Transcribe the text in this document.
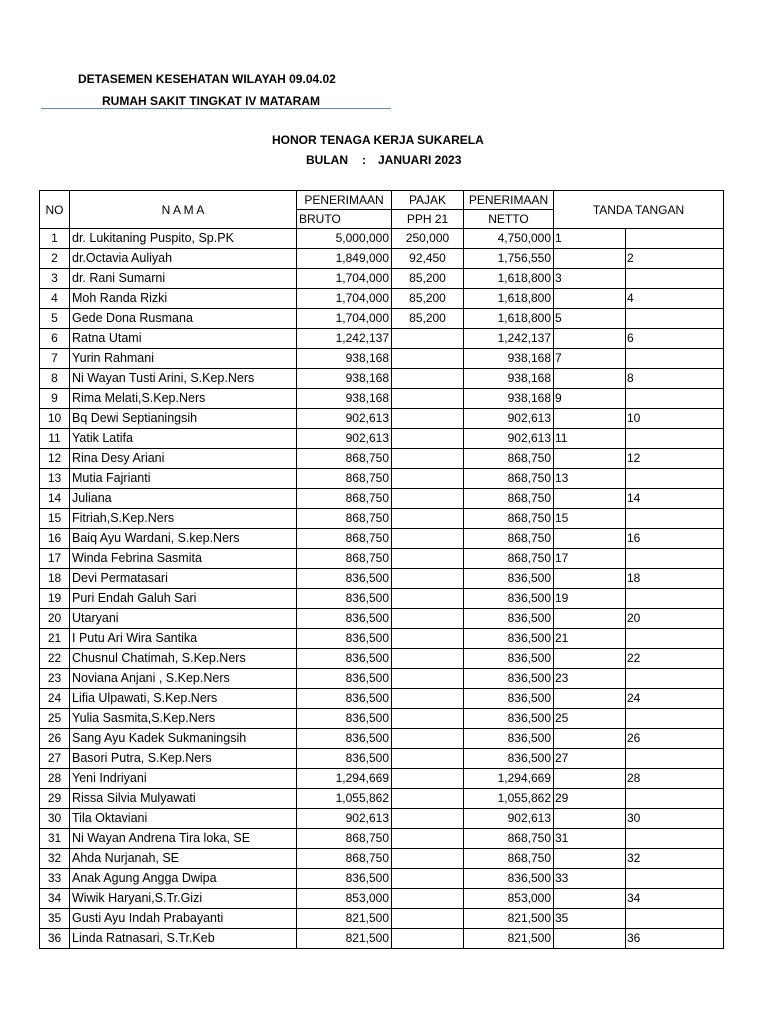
DETASEMEN KESEHATAN WILAYAH 09.04.02
RUMAH SAKIT TINGKAT IV MATARAM
HONOR TENAGA KERJA SUKARELA
BULAN : JANUARI 2023
NO	N A M A	PENERIMAAN	PAJAK	PENERIMAAN	TANDA TANGAN	
		BRUTO	PPH 21	NETTO		
1	dr. Lukitaning Puspito, Sp.PK	5,000,000	250,000	4,750,000	1	
2	dr.Octavia Auliyah	1,849,000	92,450	1,756,550		2
3	dr. Rani Sumarni	1,704,000	85,200	1,618,800	3	
4	Moh Randa Rizki	1,704,000	85,200	1,618,800		4
5	Gede Dona Rusmana	1,704,000	85,200	1,618,800	5	
6	Ratna Utami	1,242,137		1,242,137		6
7	Yurin Rahmani	938,168		938,168	7	
8	Ni Wayan Tusti Arini, S.Kep.Ners	938,168		938,168		8
9	Rima Melati,S.Kep.Ners	938,168		938,168	9	
10	Bq Dewi Septianingsih	902,613		902,613		10
11	Yatik Latifa	902,613		902,613	11	
12	Rina Desy Ariani	868,750		868,750		12
13	Mutia Fajrianti	868,750		868,750	13	
14	Juliana	868,750		868,750		14
15	Fitriah,S.Kep.Ners	868,750		868,750	15	
16	Baiq Ayu Wardani, S.kep.Ners	868,750		868,750		16
17	Winda Febrina Sasmita	868,750		868,750	17	
18	Devi Permatasari	836,500		836,500		18
19	Puri Endah Galuh Sari	836,500		836,500	19	
20	Utaryani	836,500		836,500		20
21	I Putu Ari Wira Santika	836,500		836,500	21	
22	Chusnul Chatimah, S.Kep.Ners	836,500		836,500		22
23	Noviana Anjani , S.Kep.Ners	836,500		836,500	23	
24	Lifia Ulpawati, S.Kep.Ners	836,500		836,500		24
25	Yulia Sasmita,S.Kep.Ners	836,500		836,500	25	
26	Sang Ayu Kadek Sukmaningsih	836,500		836,500		26
27	Basori Putra, S.Kep.Ners	836,500		836,500	27	
28	Yeni Indriyani	1,294,669		1,294,669		28
29	Rissa Silvia Mulyawati	1,055,862		1,055,862	29	
30	Tila Oktaviani	902,613		902,613		30
31	Ni Wayan Andrena Tira loka, SE	868,750		868,750	31	
32	Ahda Nurjanah, SE	868,750		868,750		32
33	Anak Agung Angga Dwipa	836,500		836,500	33	
34	Wiwik Haryani,S.Tr.Gizi	853,000		853,000		34
35	Gusti Ayu Indah Prabayanti	821,500		821,500	35	
36	Linda Ratnasari, S.Tr.Keb	821,500		821,500		36
